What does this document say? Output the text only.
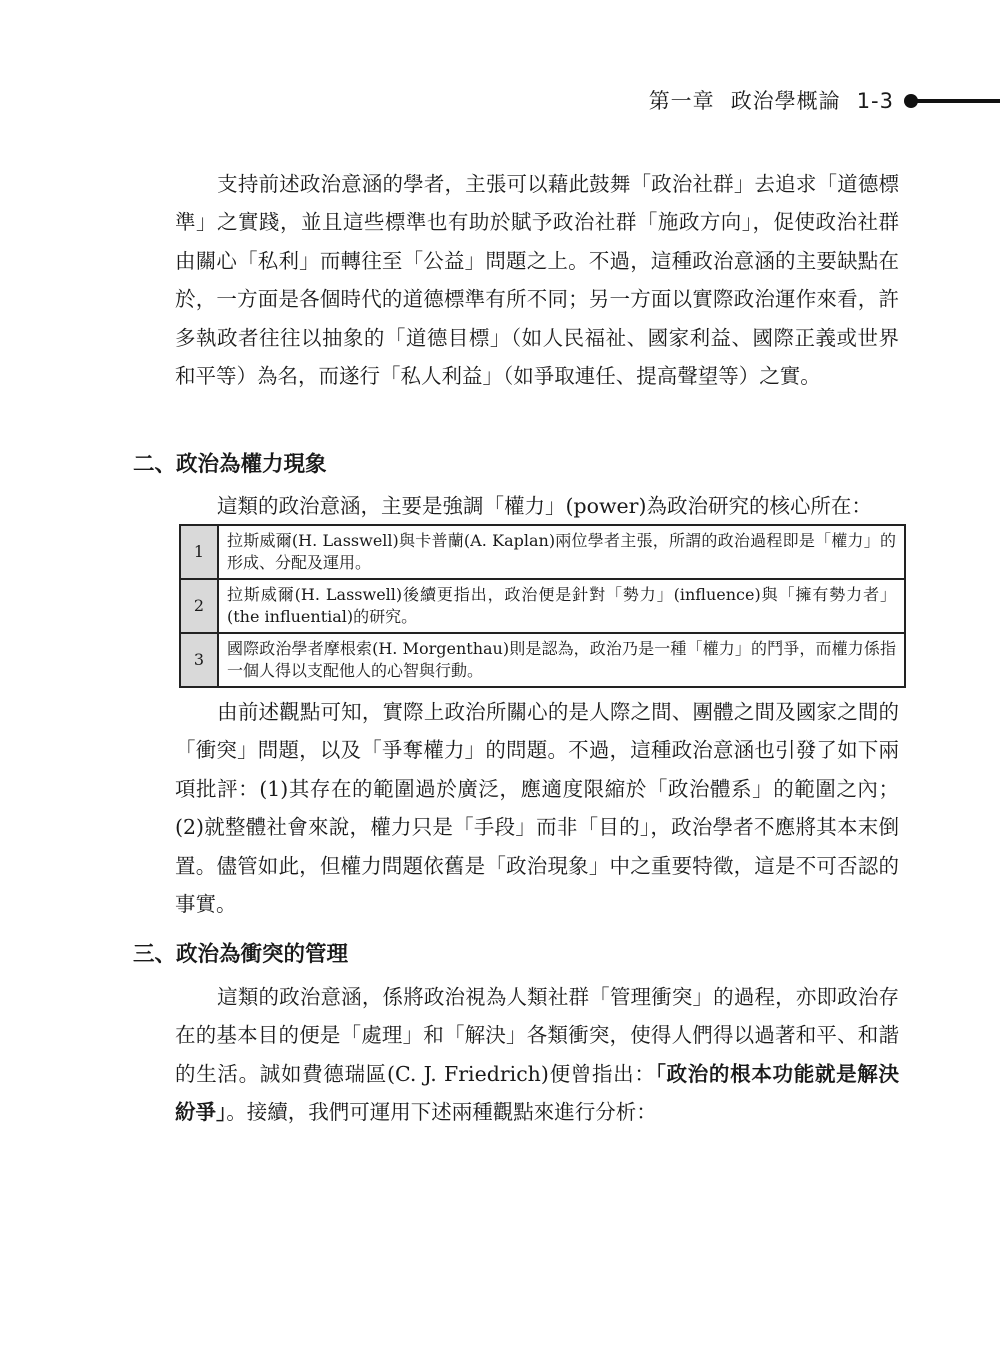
第一章 政治學概論 1-3

支持前述政治意涵的學者，主張可以藉此鼓舞「政治社群」去追求「道德標準」之實踐，並且這些標準也有助於賦予政治社群「施政方向」，促使政治社群由關心「私利」而轉往至「公益」問題之上。不過，這種政治意涵的主要缺點在於，一方面是各個時代的道德標準有所不同；另一方面以實際政治運作來看，許多執政者往往以抽象的「道德目標」（如人民福祉、國家利益、國際正義或世界和平等）為名，而遂行「私人利益」（如爭取連任、提高聲望等）之實。

二、政治為權力現象

這類的政治意涵，主要是強調「權力」(power)為政治研究的核心所在：

1	拉斯威爾(H. Lasswell)與卡普蘭(A. Kaplan)兩位學者主張，所謂的政治過程即是「權力」的形成、分配及運用。
2	拉斯威爾(H. Lasswell)後續更指出，政治便是針對「勢力」(influence)與「擁有勢力者」(the influential)的研究。
3	國際政治學者摩根索(H. Morgenthau)則是認為，政治乃是一種「權力」的鬥爭，而權力係指一個人得以支配他人的心智與行動。

由前述觀點可知，實際上政治所關心的是人際之間、團體之間及國家之間的「衝突」問題，以及「爭奪權力」的問題。不過，這種政治意涵也引發了如下兩項批評：(1)其存在的範圍過於廣泛，應適度限縮於「政治體系」的範圍之內；(2)就整體社會來說，權力只是「手段」而非「目的」，政治學者不應將其本末倒置。儘管如此，但權力問題依舊是「政治現象」中之重要特徵，這是不可否認的事實。

三、政治為衝突的管理

這類的政治意涵，係將政治視為人類社群「管理衝突」的過程，亦即政治存在的基本目的便是「處理」和「解決」各類衝突，使得人們得以過著和平、和諧的生活。誠如費德瑞區(C. J. Friedrich)便曾指出：「政治的根本功能就是解決紛爭」。接續，我們可運用下述兩種觀點來進行分析：
